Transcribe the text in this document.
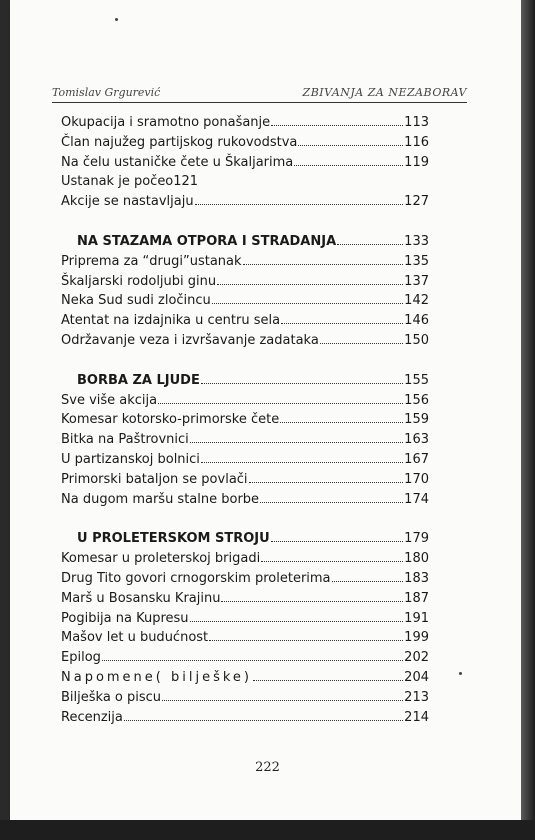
Tomislav Grgurević	ZBIVANJA ZA NEZABORAV
Okupacija i sramotno ponašanje	113
Član najužeg partijskog rukovodstva	116
Na čelu ustaničke čete u Škaljarima	119
Ustanak je počeo121
Akcije se nastavljaju	127
NA STAZAMA OTPORA I STRADANJA	133
Priprema za “drugi”ustanak	135
Škaljarski rodoljubi ginu	137
Neka Sud sudi zločincu	142
Atentat na izdajnika u centru sela	146
Održavanje veza i izvršavanje zadataka	150
BORBA ZA LJUDE	155
Sve više akcija	156
Komesar kotorsko-primorske čete	159
Bitka na Paštrovnici	163
U partizanskoj bolnici	167
Primorski bataljon se povlači	170
Na dugom maršu stalne borbe	174
U PROLETERSKOM STROJU	179
Komesar u proleterskoj brigadi	180
Drug Tito govori crnogorskim proleterima	183
Marš u Bosansku Krajinu	187
Pogibija na Kupresu	191
Mašov let u budućnost	199
Epilog	202
Napomene( bilješke)	204
Bilješka o piscu	213
Recenzija	214
222
